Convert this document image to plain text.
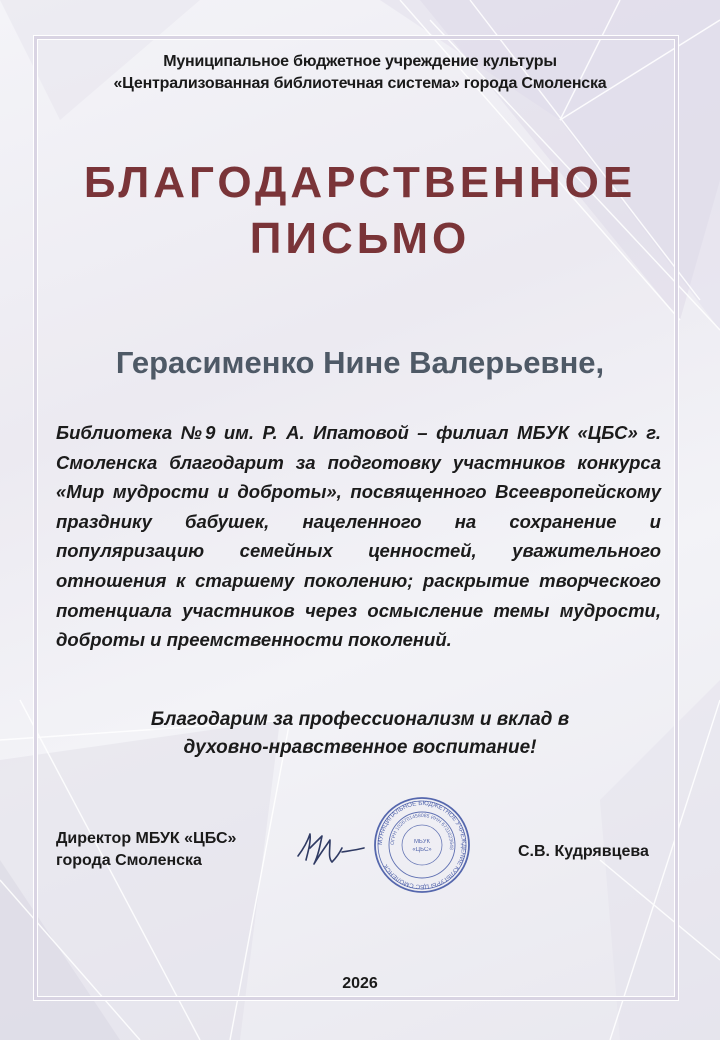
Муниципальное бюджетное учреждение культуры
«Централизованная библиотечная система» города Смоленска
БЛАГОДАРСТВЕННОЕ
ПИСЬМО
Герасименко Нине Валерьевне,
Библиотека №9 им. Р. А. Ипатовой – филиал МБУК «ЦБС» г. Смоленска благодарит за подготовку участников конкурса «Мир мудрости и доброты», посвященного Всеевропейскому празднику бабушек, нацеленного на сохранение и популяризацию семейных ценностей, уважительного отношения к старшему поколению; раскрытие творческого потенциала участников через осмысление темы мудрости, доброты и преемственности поколений.
Благодарим за профессионализм и вклад в
духовно-нравственное воспитание!
Директор МБУК «ЦБС»
города Смоленска
МУНИЦИПАЛЬНОЕ БЮДЖЕТНОЕ УЧРЕЖДЕНИЕ КУЛЬТУРЫ ЦБС СМОЛЕНСК
ОГРН 1026701458085 ИНН 6731023648
МБУК
«ЦБС»	С.В. Кудрявцева
2026
